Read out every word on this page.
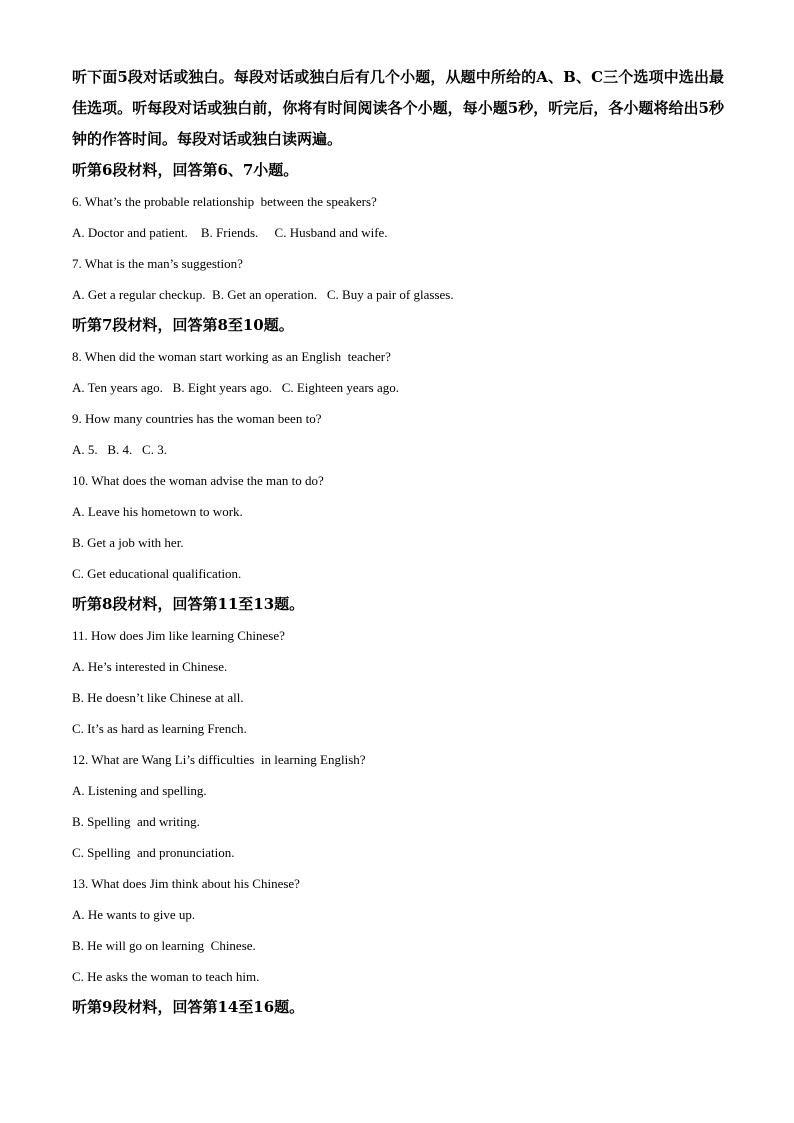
听下面5段对话或独白。每段对话或独白后有几个小题，从题中所给的A、B、C三个选项中选出最佳选项。听每段对话或独白前，你将有时间阅读各个小题，每小题5秒，听完后，各小题将给出5秒钟的作答时间。每段对话或独白读两遍。

听第6段材料，回答第6、7小题。

6. What’s the probable relationship  between the speakers?

A. Doctor and patient.    B. Friends.     C. Husband and wife.

7. What is the man’s suggestion?

A. Get a regular checkup.  B. Get an operation.   C. Buy a pair of glasses.

听第7段材料，回答第8至10题。

8. When did the woman start working as an English  teacher?

A. Ten years ago.   B. Eight years ago.   C. Eighteen years ago.

9. How many countries has the woman been to?

A. 5.   B. 4.   C. 3.

10. What does the woman advise the man to do?

A. Leave his hometown to work.

B. Get a job with her.

C. Get educational qualification.

听第8段材料，回答第11至13题。

11. How does Jim like learning Chinese?

A. He’s interested in Chinese.

B. He doesn’t like Chinese at all.

C. It’s as hard as learning French.

12. What are Wang Li’s difficulties  in learning English?

A. Listening and spelling.

B. Spelling  and writing.

C. Spelling  and pronunciation.

13. What does Jim think about his Chinese?

A. He wants to give up.

B. He will go on learning  Chinese.

C. He asks the woman to teach him.

听第9段材料，回答第14至16题。
